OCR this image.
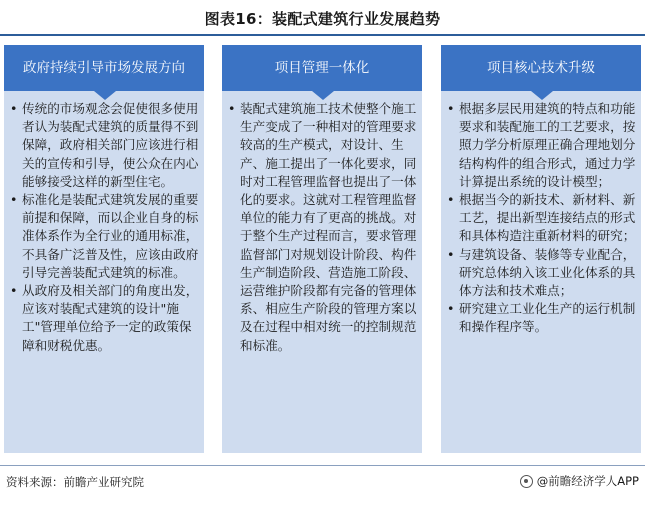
图表16：装配式建筑行业发展趋势
政府持续引导市场发展方向
• 传统的市场观念会促使很多使用者认为装配式建筑的质量得不到保障，政府相关部门应该进行相关的宣传和引导，使公众在内心能够接受这样的新型住宅。
• 标准化是装配式建筑发展的重要前提和保障，而以企业自身的标准体系作为全行业的通用标准，不具备广泛普及性，应该由政府引导完善装配式建筑的标准。
• 从政府及相关部门的角度出发，应该对装配式建筑的设计"施工"管理单位给予一定的政策保障和财税优惠。
项目管理一体化
• 装配式建筑施工技术使整个施工生产变成了一种相对的管理要求较高的生产模式，对设计、生产、施工提出了一体化要求，同时对工程管理监督也提出了一体化的要求。这就对工程管理监督单位的能力有了更高的挑战。对于整个生产过程而言，要求管理监督部门对规划设计阶段、构件生产制造阶段、营造施工阶段、运营维护阶段都有完备的管理体系、相应生产阶段的管理方案以及在过程中相对统一的控制规范和标准。
项目核心技术升级
• 根据多层民用建筑的特点和功能要求和装配施工的工艺要求，按照力学分析原理正确合理地划分结构构件的组合形式，通过力学计算提出系统的设计模型；
• 根据当今的新技术、新材料、新工艺，提出新型连接结点的形式和具体构造注重新材料的研究；
• 与建筑设备、装修等专业配合，研究总体纳入该工业化体系的具体方法和技术难点；
• 研究建立工业化生产的运行机制和操作程序等。
资料来源：前瞻产业研究院	@前瞻经济学人APP
